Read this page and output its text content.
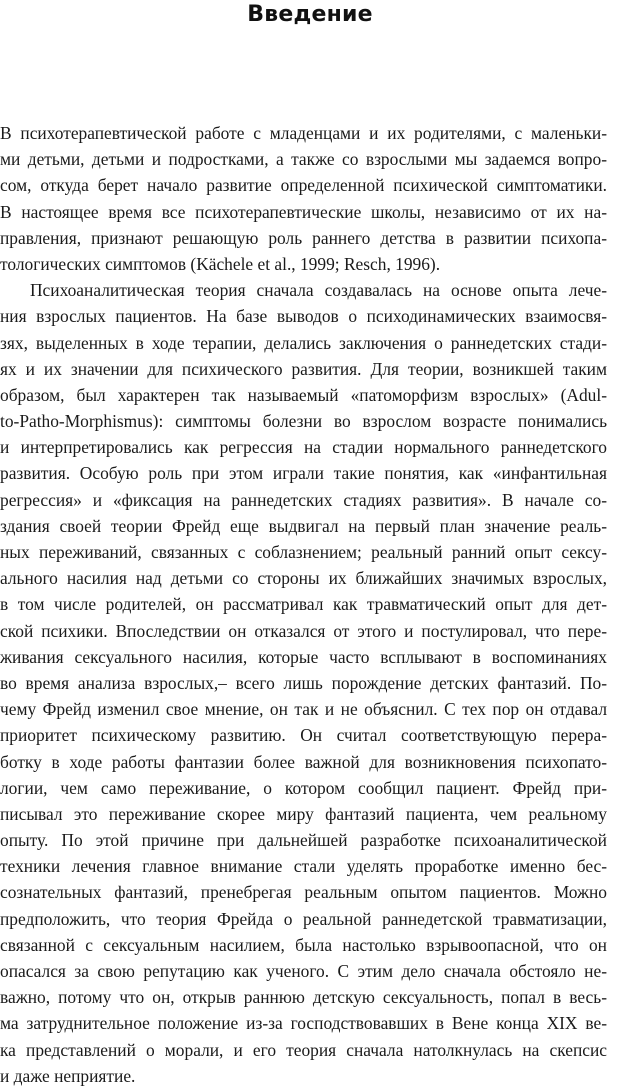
Введение
В психотерапевтической работе с младенцами и их родителями, с маленьки-
ми детьми, детьми и подростками, а также со взрослыми мы задаемся вопро-
сом, откуда берет начало развитие определенной психической симптоматики.
В настоящее время все психотерапевтические школы, независимо от их на-
правления, признают решающую роль раннего детства в развитии психопа-
тологических симптомов (Kächele et al., 1999; Resch, 1996).
Психоаналитическая теория сначала создавалась на основе опыта лече-
ния взрослых пациентов. На базе выводов о психодинамических взаимосвя-
зях, выделенных в ходе терапии, делались заключения о раннедетских стади-
ях и их значении для психического развития. Для теории, возникшей таким
образом, был характерен так называемый «патоморфизм взрослых» (Adul-
to-Patho-Morphismus): симптомы болезни во взрослом возрасте понимались
и интерпретировались как регрессия на стадии нормального раннедетского
развития. Особую роль при этом играли такие понятия, как «инфантильная
регрессия» и «фиксация на раннедетских стадиях развития». В начале со-
здания своей теории Фрейд еще выдвигал на первый план значение реаль-
ных переживаний, связанных с соблазнением; реальный ранний опыт сексу-
ального насилия над детьми со стороны их ближайших значимых взрослых,
в том числе родителей, он рассматривал как травматический опыт для дет-
ской психики. Впоследствии он отказался от этого и постулировал, что пере-
живания сексуального насилия, которые часто всплывают в воспоминаниях
во время анализа взрослых,– всего лишь порождение детских фантазий. По-
чему Фрейд изменил свое мнение, он так и не объяснил. С тех пор он отдавал
приоритет психическому развитию. Он считал соответствующую перера-
ботку в ходе работы фантазии более важной для возникновения психопато-
логии, чем само переживание, о котором сообщил пациент. Фрейд при-
писывал это переживание скорее миру фантазий пациента, чем реальному
опыту. По этой причине при дальнейшей разработке психоаналитической
техники лечения главное внимание стали уделять проработке именно бес-
сознательных фантазий, пренебрегая реальным опытом пациентов. Можно
предположить, что теория Фрейда о реальной раннедетской травматизации,
связанной с сексуальным насилием, была настолько взрывоопасной, что он
опасался за свою репутацию как ученого. С этим дело сначала обстояло не-
важно, потому что он, открыв раннюю детскую сексуальность, попал в весь-
ма затруднительное положение из-за господствовавших в Вене конца XIX ве-
ка представлений о морали, и его теория сначала натолкнулась на скепсис
и даже неприятие.
